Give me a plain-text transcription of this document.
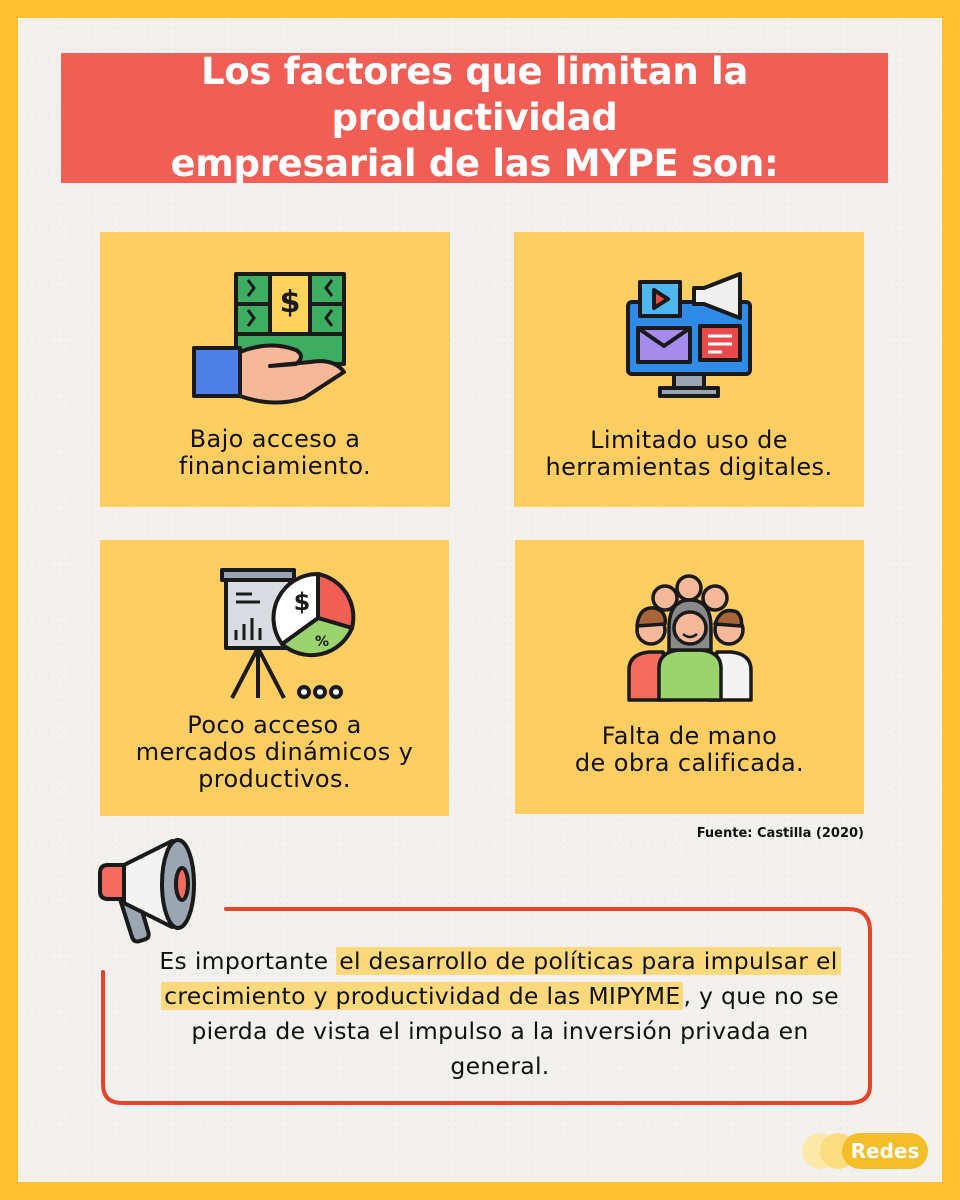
Los factores que limitan la productividad
empresarial de las MYPE son:
$
Bajo acceso a
financiamiento.
Limitado uso de
herramientas digitales.
$
%
Poco acceso a
mercados dinámicos y
productivos.
Falta de mano
de obra calificada.
Fuente: Castilla (2020)
Es importante el desarrollo de políticas para impulsar el
crecimiento y productividad de las MIPYME , y que no se
pierda de vista el impulso a la inversión privada en
general.
Redes
